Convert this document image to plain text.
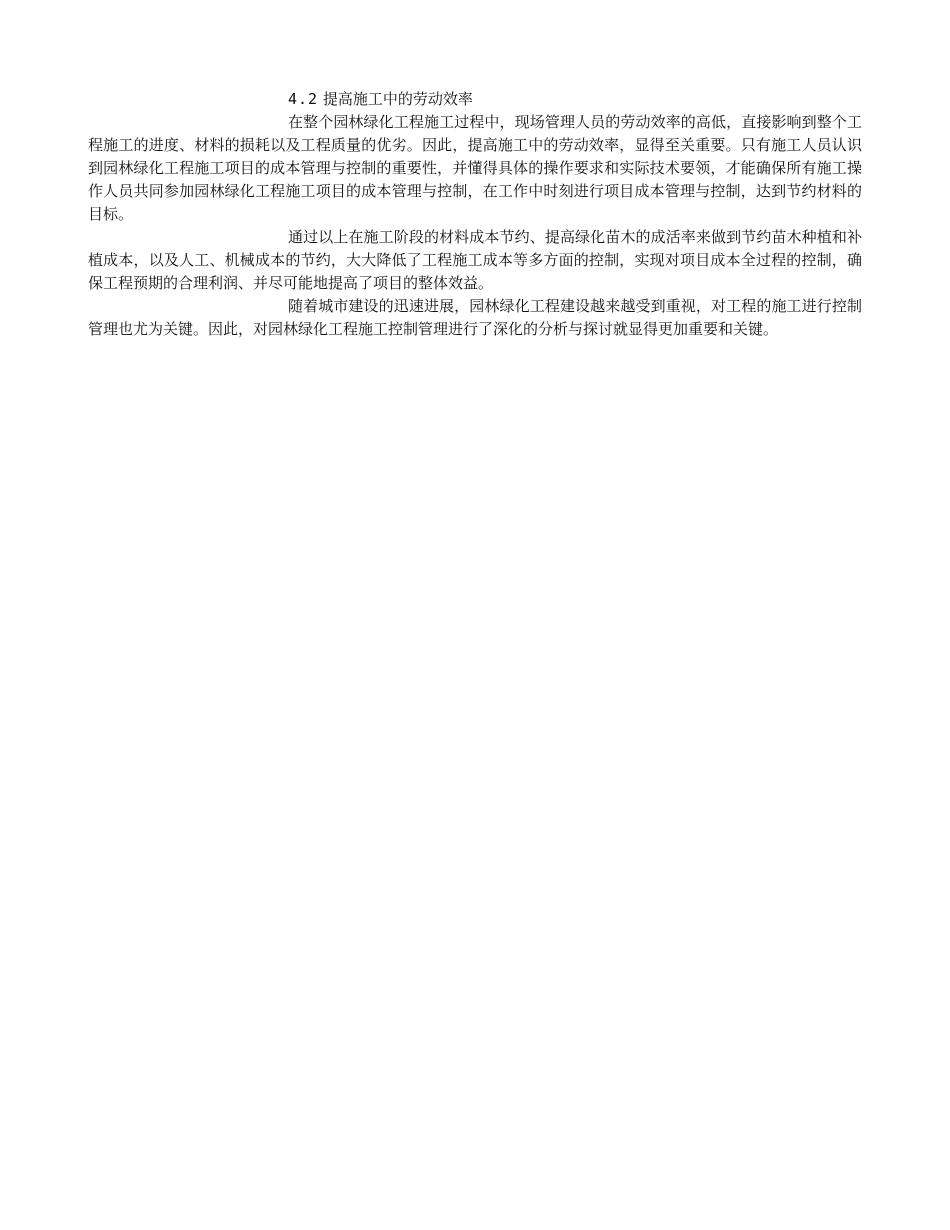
4.2 提高施工中的劳动效率

在整个园林绿化工程施工过程中，现场管理人员的劳动效率的高低，直接影响到整个工程施工的进度、材料的损耗以及工程质量的优劣。因此，提高施工中的劳动效率，显得至关重要。只有施工人员认识到园林绿化工程施工项目的成本管理与控制的重要性，并懂得具体的操作要求和实际技术要领，才能确保所有施工操作人员共同参加园林绿化工程施工项目的成本管理与控制，在工作中时刻进行项目成本管理与控制，达到节约材料的目标。

通过以上在施工阶段的材料成本节约、提高绿化苗木的成活率来做到节约苗木种植和补植成本，以及人工、机械成本的节约，大大降低了工程施工成本等多方面的控制，实现对项目成本全过程的控制，确保工程预期的合理利润、并尽可能地提高了项目的整体效益。

随着城市建设的迅速进展，园林绿化工程建设越来越受到重视，对工程的施工进行控制管理也尤为关键。因此，对园林绿化工程施工控制管理进行了深化的分析与探讨就显得更加重要和关键。
